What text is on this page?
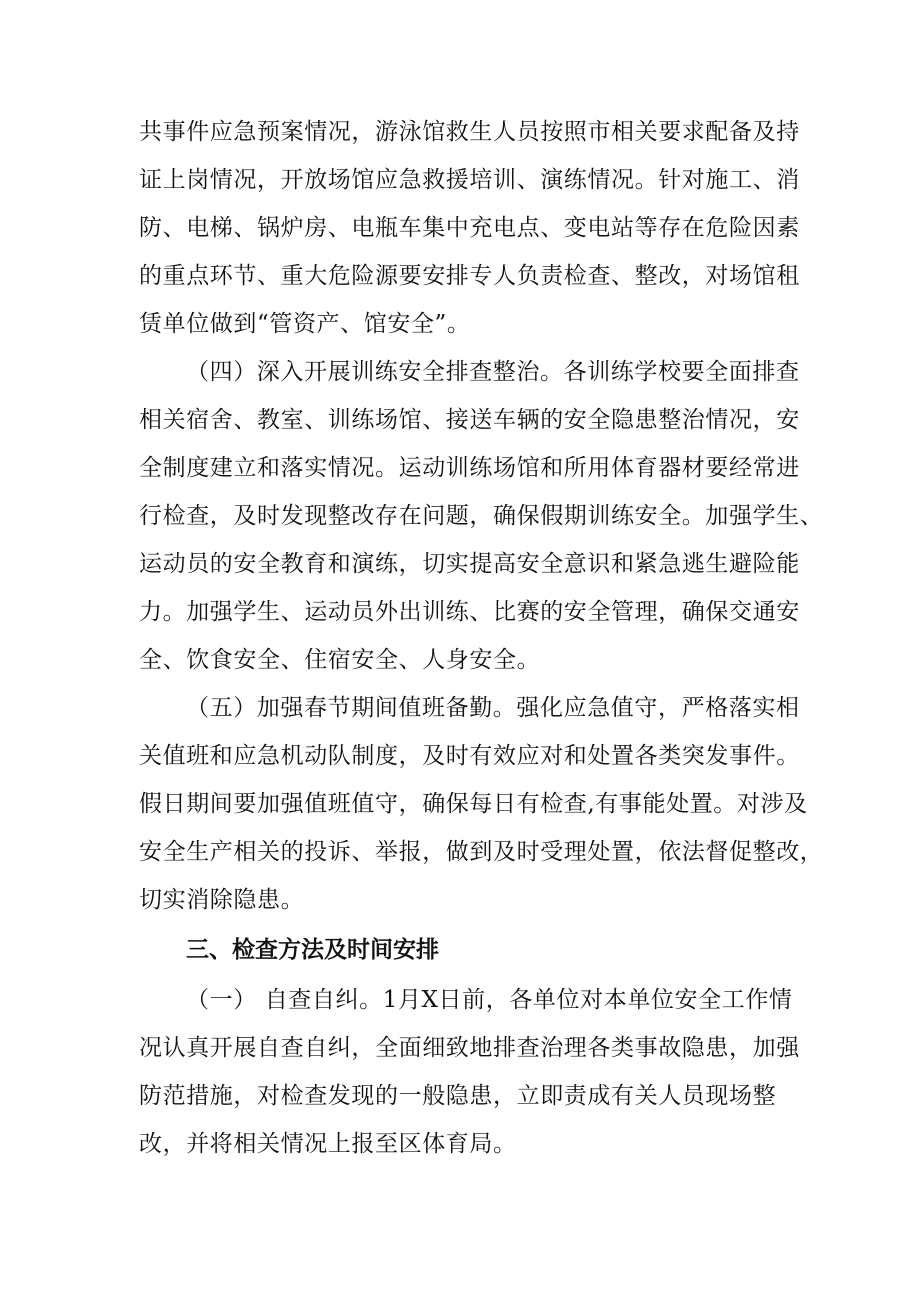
共事件应急预案情况，游泳馆救生人员按照市相关要求配备及持
证上岗情况，开放场馆应急救援培训、演练情况。针对施工、消
防、电梯、锅炉房、电瓶车集中充电点、变电站等存在危险因素
的重点环节、重大危险源要安排专人负责检查、整改，对场馆租
赁单位做到“管资产、馆安全”。
（四）深入开展训练安全排查整治。各训练学校要全面排查
相关宿舍、教室、训练场馆、接送车辆的安全隐患整治情况，安
全制度建立和落实情况。运动训练场馆和所用体育器材要经常进
行检查，及时发现整改存在问题，确保假期训练安全。加强学生、
运动员的安全教育和演练，切实提高安全意识和紧急逃生避险能
力。加强学生、运动员外出训练、比赛的安全管理，确保交通安
全、饮食安全、住宿安全、人身安全。
（五）加强春节期间值班备勤。强化应急值守，严格落实相
关值班和应急机动队制度，及时有效应对和处置各类突发事件。
假日期间要加强值班值守，确保每日有检查,有事能处置。对涉及
安全生产相关的投诉、举报，做到及时受理处置，依法督促整改，
切实消除隐患。
三、检查方法及时间安排
（一） 自查自纠。1月X日前，各单位对本单位安全工作情
况认真开展自查自纠，全面细致地排查治理各类事故隐患，加强
防范措施，对检查发现的一般隐患，立即责成有关人员现场整
改，并将相关情况上报至区体育局。
